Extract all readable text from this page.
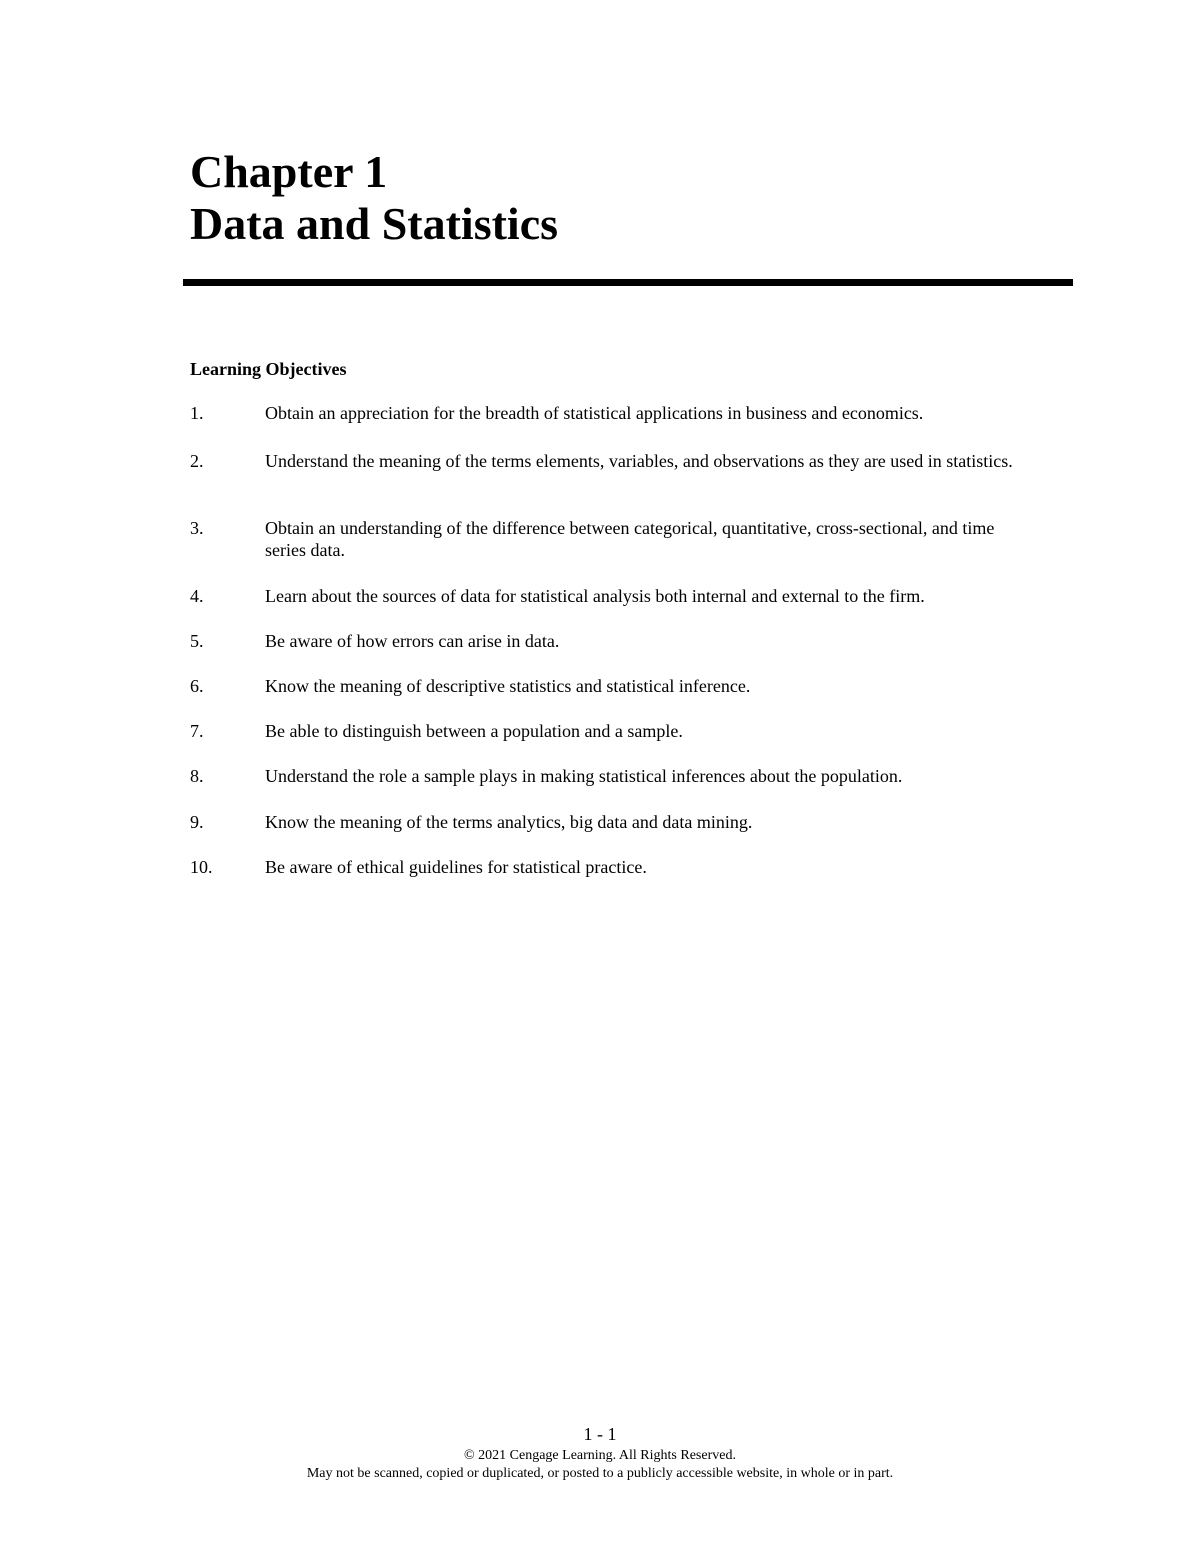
Chapter 1
Data and Statistics
Learning Objectives
1.	Obtain an appreciation for the breadth of statistical applications in business and economics.
2.	Understand the meaning of the terms elements, variables, and observations as they are used in statistics.
3.	Obtain an understanding of the difference between categorical, quantitative, cross-sectional, and time series data.
4.	Learn about the sources of data for statistical analysis both internal and external to the firm.
5.	Be aware of how errors can arise in data.
6.	Know the meaning of descriptive statistics and statistical inference.
7.	Be able to distinguish between a population and a sample.
8.	Understand the role a sample plays in making statistical inferences about the population.
9.	Know the meaning of the terms analytics, big data and data mining.
10.	Be aware of ethical guidelines for statistical practice.
1 - 1
© 2021 Cengage Learning. All Rights Reserved.
May not be scanned, copied or duplicated, or posted to a publicly accessible website, in whole or in part.
